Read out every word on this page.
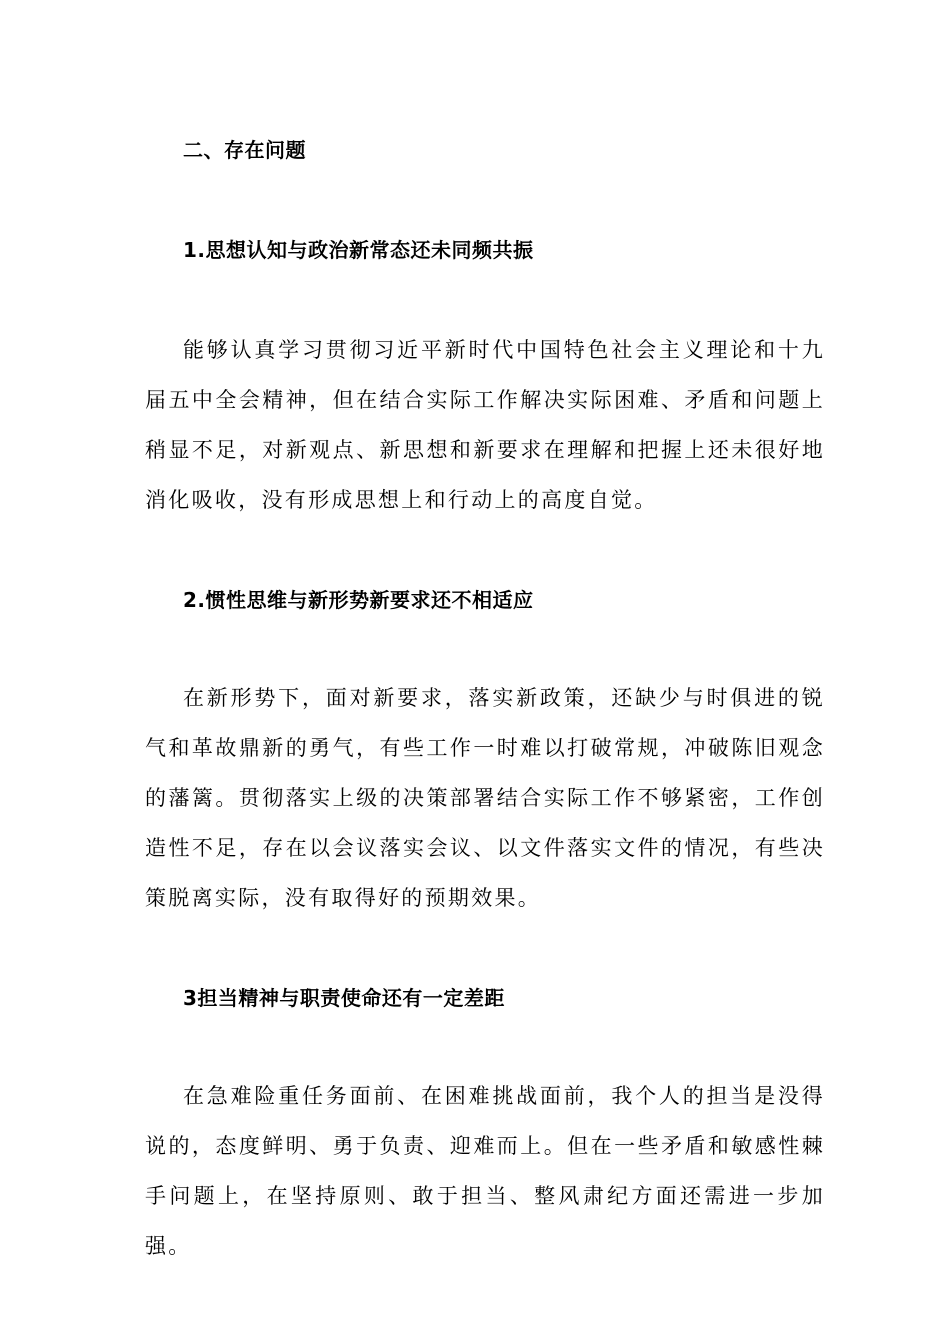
二、存在问题
1.思想认知与政治新常态还未同频共振

能够认真学习贯彻习近平新时代中国特色社会主义理论和十九届五中全会精神，但在结合实际工作解决实际困难、矛盾和问题上稍显不足，对新观点、新思想和新要求在理解和把握上还未很好地消化吸收，没有形成思想上和行动上的高度自觉。

2.惯性思维与新形势新要求还不相适应

在新形势下，面对新要求，落实新政策，还缺少与时俱进的锐气和革故鼎新的勇气，有些工作一时难以打破常规，冲破陈旧观念的藩篱。贯彻落实上级的决策部署结合实际工作不够紧密，工作创造性不足，存在以会议落实会议、以文件落实文件的情况，有些决策脱离实际，没有取得好的预期效果。

3担当精神与职责使命还有一定差距

在急难险重任务面前、在困难挑战面前，我个人的担当是没得说的，态度鲜明、勇于负责、迎难而上。但在一些矛盾和敏感性棘手问题上，在坚持原则、敢于担当、整风肃纪方面还需进一步加强。
